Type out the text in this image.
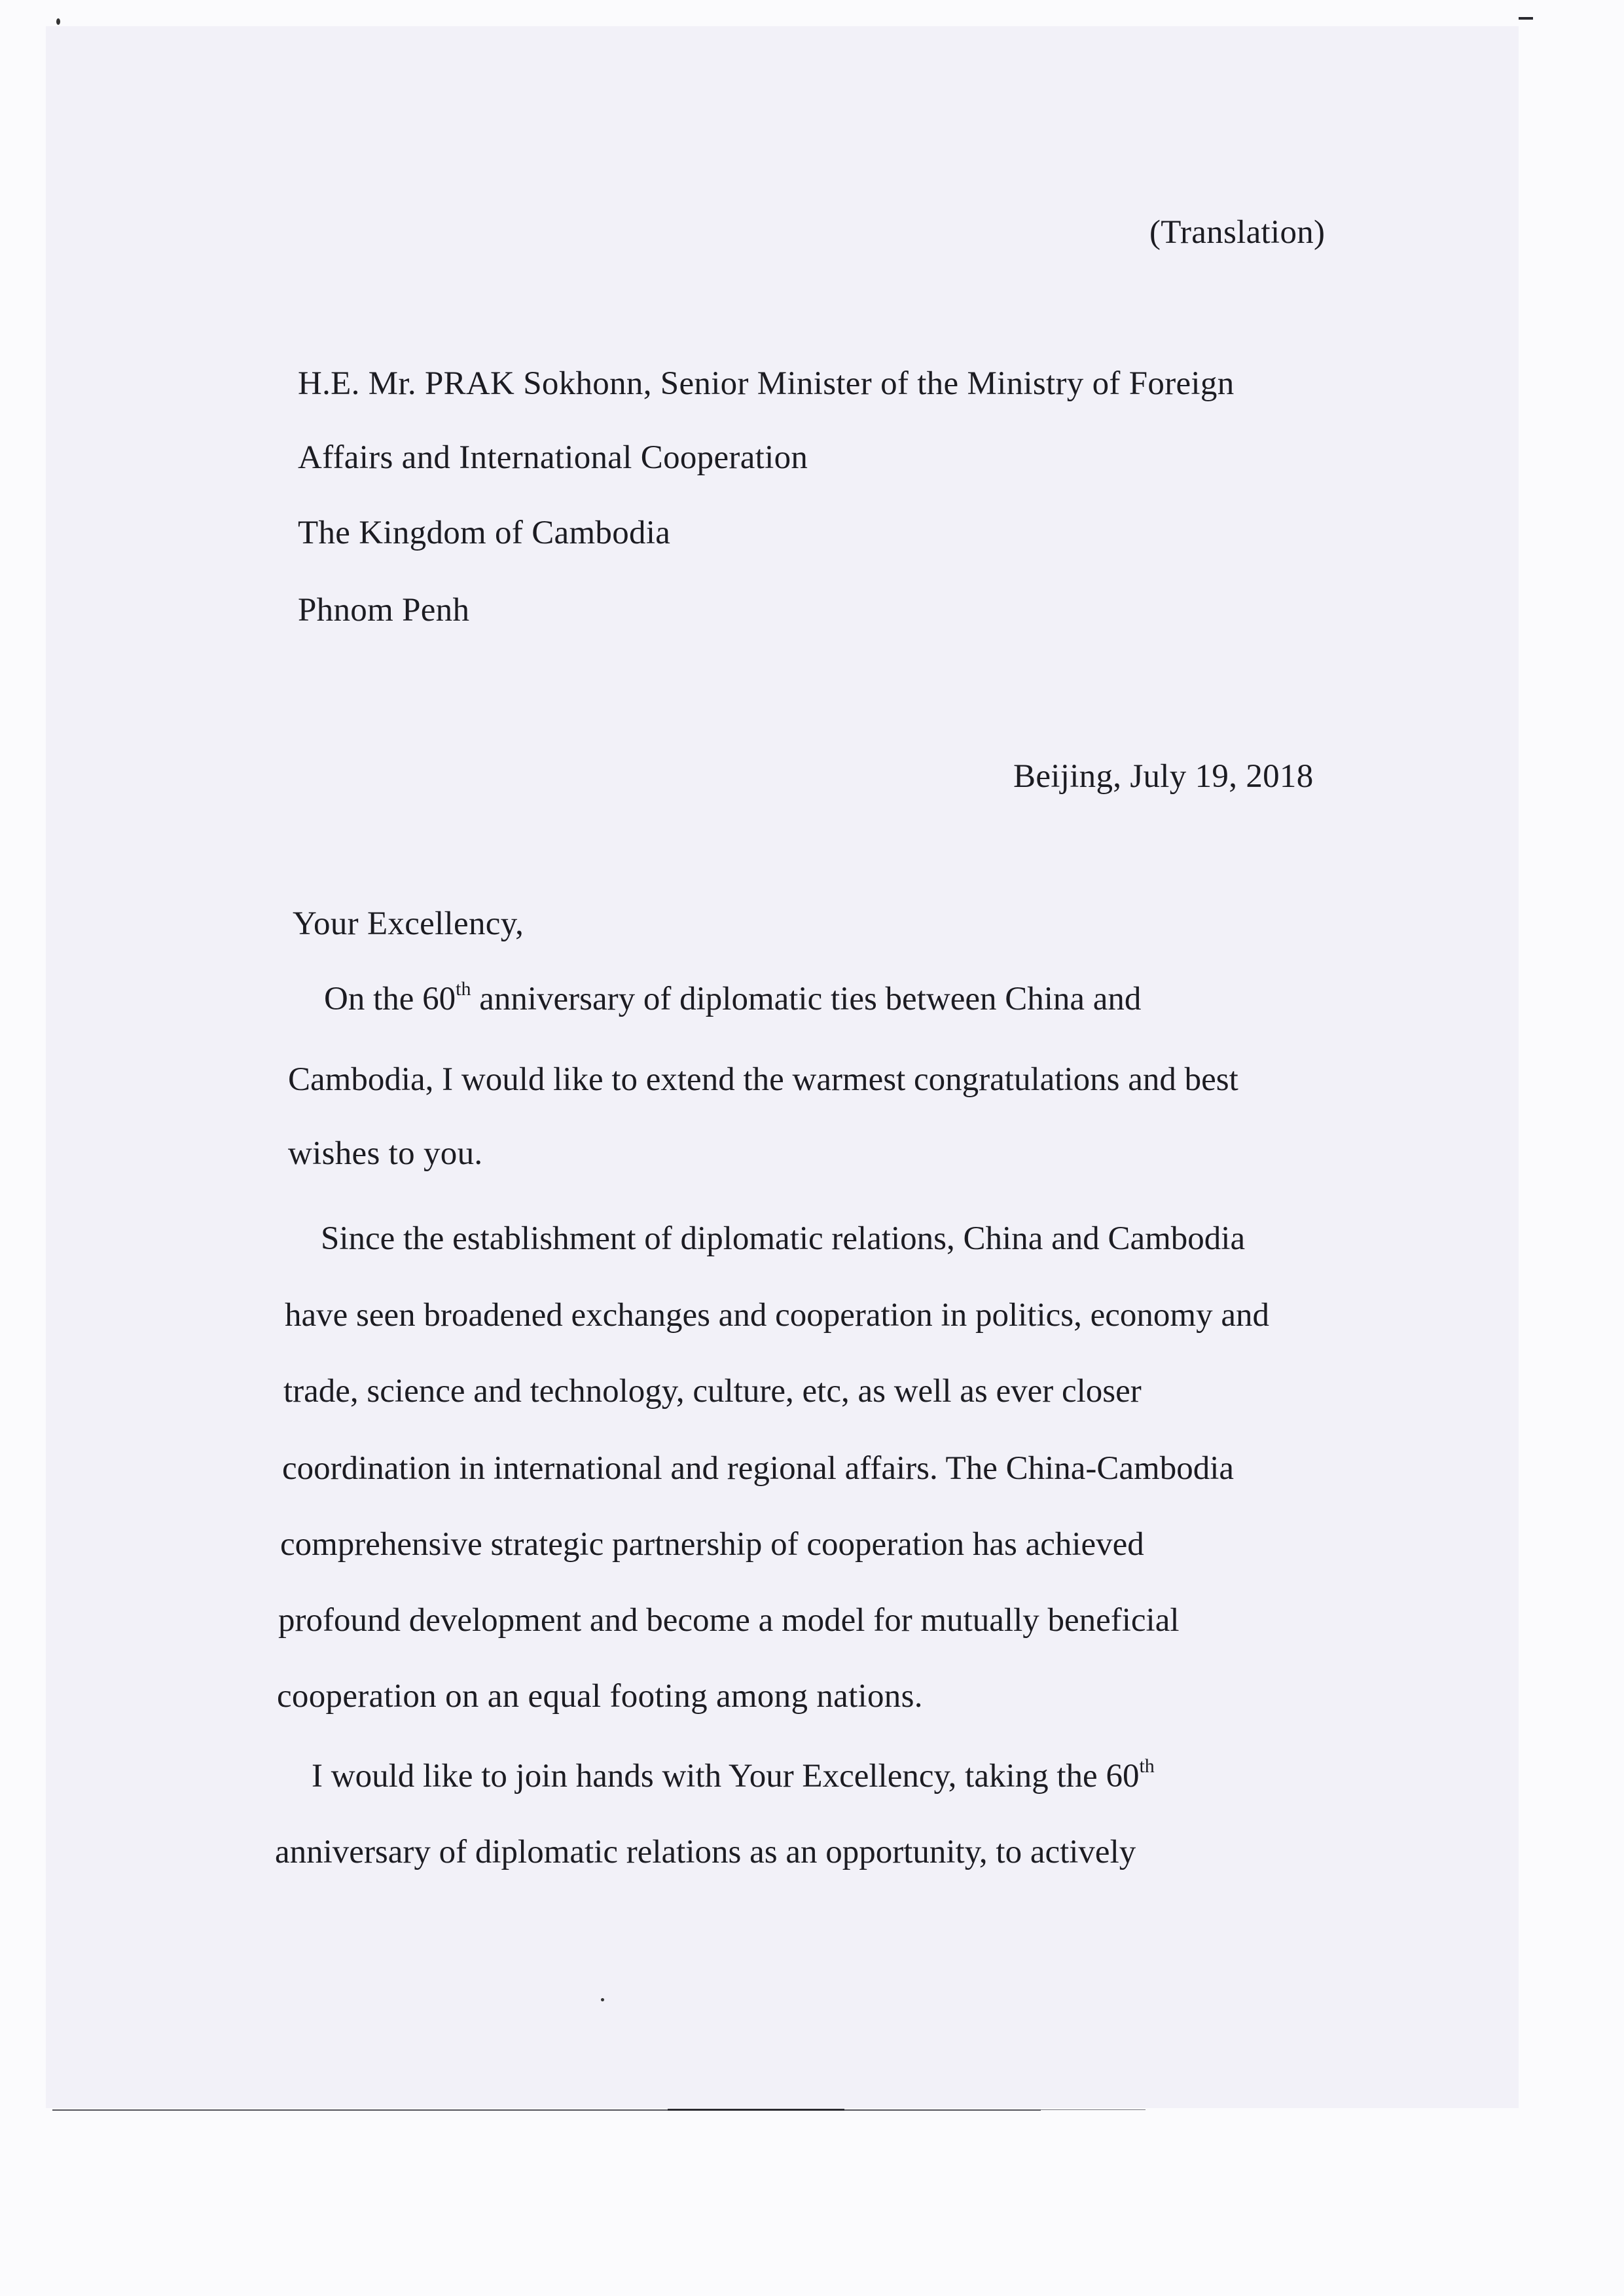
(Translation)
H.E. Mr. PRAK Sokhonn, Senior Minister of the Ministry of Foreign
Affairs and International Cooperation
The Kingdom of Cambodia
Phnom Penh
Beijing, July 19, 2018
Your Excellency,
On the 60th anniversary of diplomatic ties between China and
Cambodia, I would like to extend the warmest congratulations and best
wishes to you.
Since the establishment of diplomatic relations, China and Cambodia
have seen broadened exchanges and cooperation in politics, economy and
trade, science and technology, culture, etc, as well as ever closer
coordination in international and regional affairs. The China-Cambodia
comprehensive strategic partnership of cooperation has achieved
profound development and become a model for mutually beneficial
cooperation on an equal footing among nations.
I would like to join hands with Your Excellency, taking the 60th
anniversary of diplomatic relations as an opportunity, to actively
